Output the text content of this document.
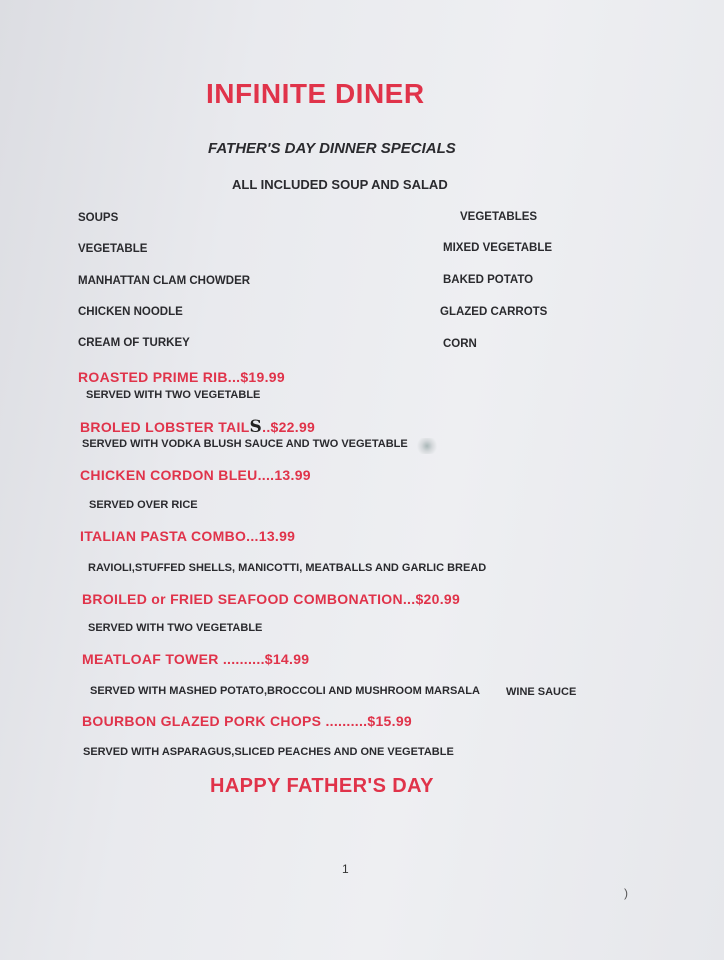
INFINITE DINER
FATHER'S DAY DINNER SPECIALS
ALL INCLUDED SOUP AND SALAD
SOUPS
VEGETABLE
MANHATTAN CLAM CHOWDER
CHICKEN NOODLE
CREAM OF TURKEY
VEGETABLES
MIXED VEGETABLE
BAKED POTATO
GLAZED CARROTS
CORN
ROASTED PRIME RIB...$19.99
SERVED WITH TWO VEGETABLE
BROLED LOBSTER TAILS..$22.99
SERVED WITH VODKA BLUSH SAUCE AND TWO VEGETABLE
CHICKEN CORDON BLEU....13.99
SERVED OVER RICE
ITALIAN PASTA COMBO...13.99
RAVIOLI,STUFFED SHELLS, MANICOTTI, MEATBALLS AND GARLIC BREAD
BROILED or FRIED SEAFOOD COMBONATION...$20.99
SERVED WITH TWO VEGETABLE
MEATLOAF TOWER ..........$14.99
SERVED WITH MASHED POTATO,BROCCOLI AND MUSHROOM MARSALA WINE SAUCE
BOURBON GLAZED PORK CHOPS ..........$15.99
SERVED WITH ASPARAGUS,SLICED PEACHES AND ONE VEGETABLE
HAPPY FATHER'S DAY
1
)
